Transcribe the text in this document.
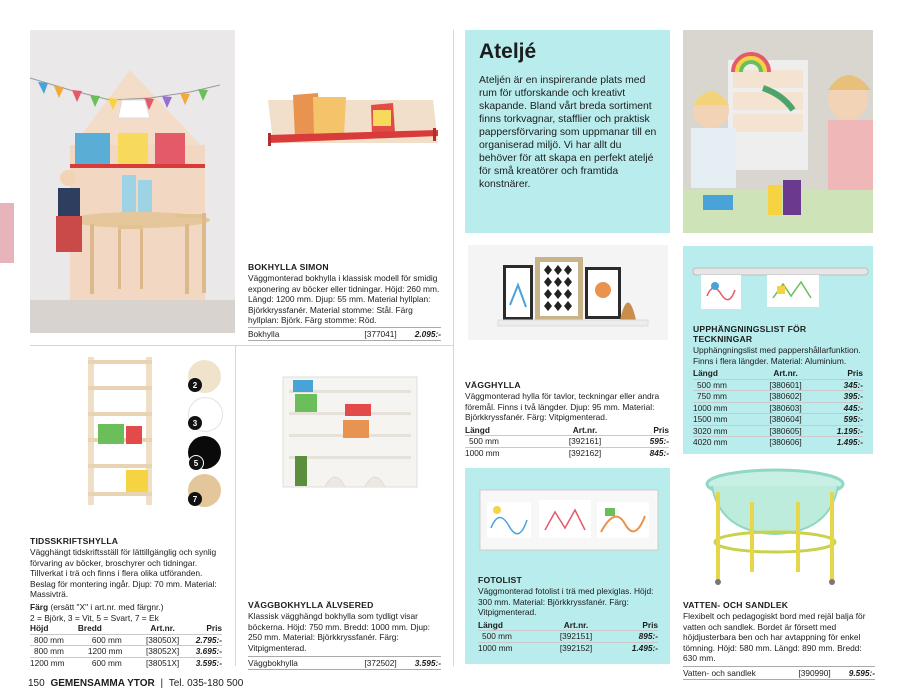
BOKHYLLA SIMON

Väggmonterad bokhylla i klassisk modell för smidig exponering av böcker eller tidningar. Höjd: 260 mm. Längd: 1200 mm. Djup: 55 mm. Material hyllplan: Björkkryssfanér. Material stomme: Stål. Färg hyllplan: Björk. Färg stomme: Röd.

Bokhylla	[377041] 2.095:-
Ateljé
Ateljén är en inspirerande plats med rum för utforskande och kreativt skapande. Bland vårt breda sortiment finns torkvagnar, stafflier och praktisk pappersförvaring som uppmanar till en organiserad miljö. Vi har allt du behöver för att skapa en perfekt ateljé för små kreatörer och framtida konstnärer.

VÄGGHYLLA

Väggmonterad hylla för tavlor, teckningar eller andra föremål. Finns i två längder. Djup: 95 mm. Material: Björkkryssfanér. Färg: Vitpigmenterad.

Längd	Art.nr.	Pris
500 mm	[392161]	595:-
1000 mm	[392162]	845:-

UPPHÄNGNINGSLIST FÖR TECKNINGAR

Upphängningslist med pappershållarfunktion. Finns i flera längder. Material: Aluminium.

Längd	Art.nr.	Pris
500 mm	[380601]	345:-
750 mm	[380602]	395:-
1000 mm	[380603]	445:-
1500 mm	[380604]	595:-
3020 mm	[380605]	1.195:-
4020 mm	[380606]	1.495:-
2
3
5
7

TIDSSKRIFTSHYLLA

Vägghängt tidskriftsställ för lättillgänglig och synlig förvaring av böcker, broschyrer och tidningar. Tillverkat i trä och finns i flera olika utföranden. Beslag för montering ingår. Djup: 70 mm. Material: Massivträ.

Färg (ersätt "X" i art.nr. med färgnr.)

2 = Björk, 3 = Vit, 5 = Svart, 7 = Ek

Höjd	Bredd	Art.nr.	Pris
800 mm	600 mm	[38050X]	2.795:-
800 mm	1200 mm	[38052X]	3.695:-
1200 mm	600 mm	[38051X]	3.595:-

VÄGGBOKHYLLA ÄLVSERED

Klassisk vägghängd bokhylla som tydligt visar böckerna. Höjd: 750 mm. Bredd: 1000 mm. Djup: 250 mm. Material: Björkkryssfanér. Färg: Vitpigmenterad.

Väggbokhylla	[372502] 3.595:-

FOTOLIST

Väggmonterad fotolist i trä med plexiglas. Höjd: 300 mm. Material: Björkkryssfanér. Färg: Vitpigmenterad.

Längd	Art.nr.	Pris
500 mm	[392151]	895:-
1000 mm	[392152]	1.495:-

VATTEN- OCH SANDLEK

Flexibelt och pedagogiskt bord med rejäl balja för vatten och sandlek. Bordet är försett med höjdjusterbara ben och har avtappning för enkel tömning. Höjd: 580 mm. Längd: 890 mm. Bredd: 630 mm.

Vatten- och sandlek	[390990] 9.595:-
150 GEMENSAMMA YTOR | Tel. 035-180 500
